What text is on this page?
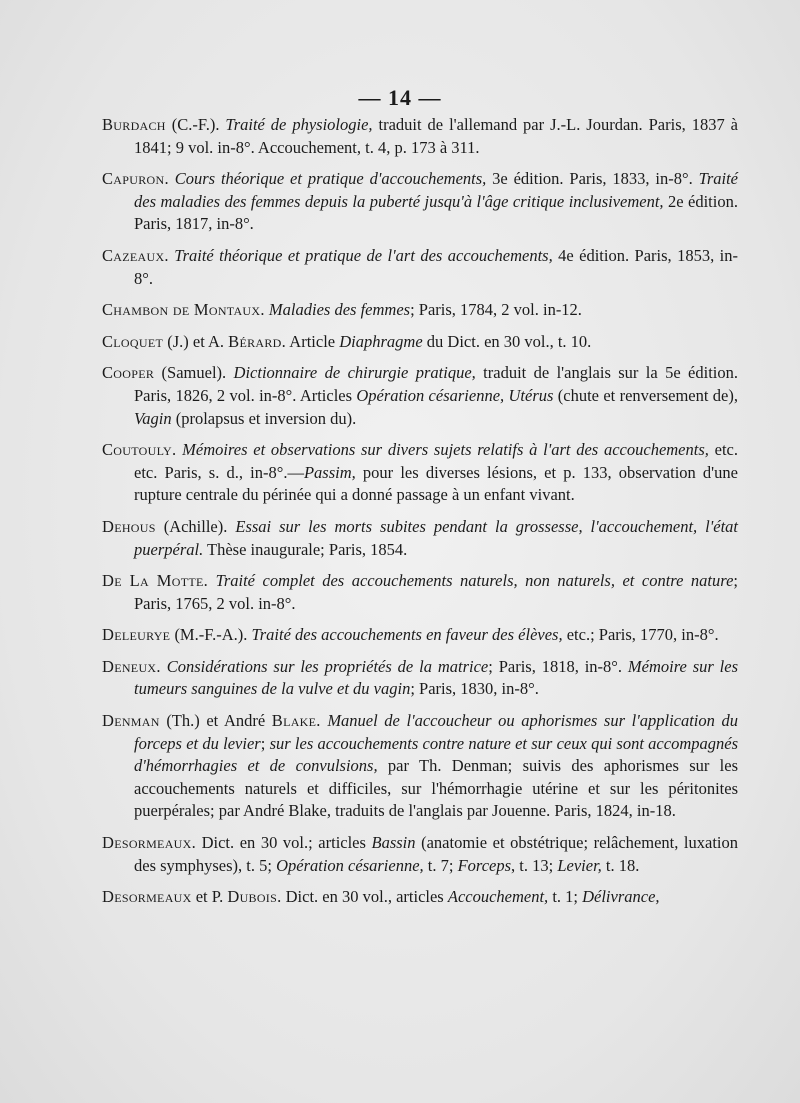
— 14 —

Burdach (C.-F.). Traité de physiologie, traduit de l'allemand par J.-L. Jourdan. Paris, 1837 à 1841; 9 vol. in-8°. Accouchement, t. 4, p. 173 à 311.

Capuron. Cours théorique et pratique d'accouchements, 3e édition. Paris, 1833, in-8°. Traité des maladies des femmes depuis la puberté jusqu'à l'âge critique inclusivement, 2e édition. Paris, 1817, in-8°.

Cazeaux. Traité théorique et pratique de l'art des accouchements, 4e édition. Paris, 1853, in-8°.

Chambon de Montaux. Maladies des femmes; Paris, 1784, 2 vol. in-12.

Cloquet (J.) et A. Bérard. Article Diaphragme du Dict. en 30 vol., t. 10.

Cooper (Samuel). Dictionnaire de chirurgie pratique, traduit de l'anglais sur la 5e édition. Paris, 1826, 2 vol. in-8°. Articles Opération césarienne, Utérus (chute et renversement de), Vagin (prolapsus et inversion du).

Coutouly. Mémoires et observations sur divers sujets relatifs à l'art des accouchements, etc. etc. Paris, s. d., in-8°.—Passim, pour les diverses lésions, et p. 133, observation d'une rupture centrale du périnée qui a donné passage à un enfant vivant.

Dehous (Achille). Essai sur les morts subites pendant la grossesse, l'accouchement, l'état puerpéral. Thèse inaugurale; Paris, 1854.

De La Motte. Traité complet des accouchements naturels, non naturels, et contre nature; Paris, 1765, 2 vol. in-8°.

Deleurye (M.-F.-A.). Traité des accouchements en faveur des élèves, etc.; Paris, 1770, in-8°.

Deneux. Considérations sur les propriétés de la matrice; Paris, 1818, in-8°. Mémoire sur les tumeurs sanguines de la vulve et du vagin; Paris, 1830, in-8°.

Denman (Th.) et André Blake. Manuel de l'accoucheur ou aphorismes sur l'application du forceps et du levier; sur les accouchements contre nature et sur ceux qui sont accompagnés d'hémorrhagies et de convulsions, par Th. Denman; suivis des aphorismes sur les accouchements naturels et difficiles, sur l'hémorrhagie utérine et sur les péritonites puerpérales; par André Blake, traduits de l'anglais par Jouenne. Paris, 1824, in-18.

Desormeaux. Dict. en 30 vol.; articles Bassin (anatomie et obstétrique; relâchement, luxation des symphyses), t. 5; Opération césarienne, t. 7; Forceps, t. 13; Levier, t. 18.

Desormeaux et P. Dubois. Dict. en 30 vol., articles Accouchement, t. 1; Délivrance,
